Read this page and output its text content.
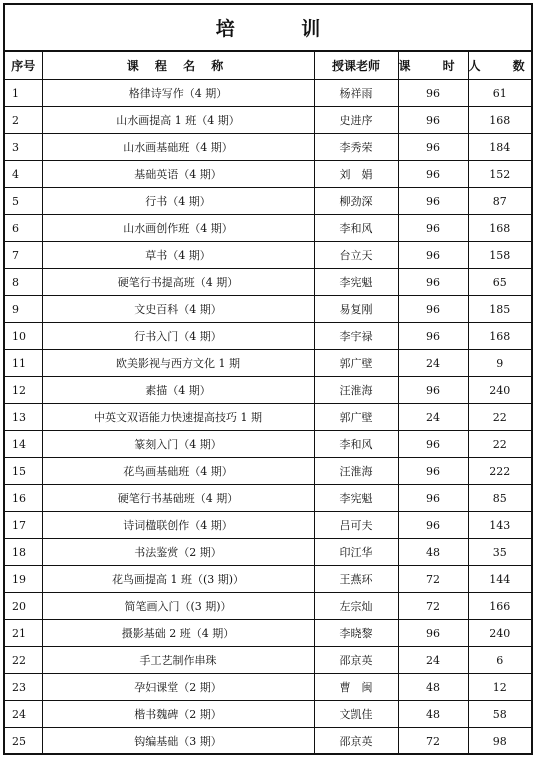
培 训
序号	课 程 名 称	授课老师	课 时	人 数
1	格律诗写作（4 期）	杨祥雨	96	61
2	山水画提高 1 班（4 期）	史进序	96	168
3	山水画基础班（4 期）	李秀荣	96	184
4	基础英语（4 期）	刘　娟	96	152
5	行书（4 期）	柳劲深	96	87
6	山水画创作班（4 期）	李和风	96	168
7	草书（4 期）	台立天	96	158
8	硬笔行书提高班（4 期）	李宪魁	96	65
9	文史百科（4 期）	易复刚	96	185
10	行书入门（4 期）	李宇禄	96	168
11	欧美影视与西方文化 1 期	郭广壁	24	9
12	素描（4 期）	汪淮海	96	240
13	中英文双语能力快速提高技巧 1 期	郭广壁	24	22
14	篆刻入门（4 期）	李和风	96	22
15	花鸟画基础班（4 期）	汪淮海	96	222
16	硬笔行书基础班（4 期）	李宪魁	96	85
17	诗词楹联创作（4 期）	吕可夫	96	143
18	书法鉴赏（2 期）	印江华	48	35
19	花鸟画提高 1 班（(3 期)）	王燕环	72	144
20	简笔画入门（(3 期)）	左宗灿	72	166
21	摄影基础 2 班（4 期）	李晓黎	96	240
22	手工艺制作串珠	邵京英	24	6
23	孕妇课堂（2 期）	曹　闽	48	12
24	楷书魏碑（2 期）	文凯佳	48	58
25	钩编基础（3 期）	邵京英	72	98
